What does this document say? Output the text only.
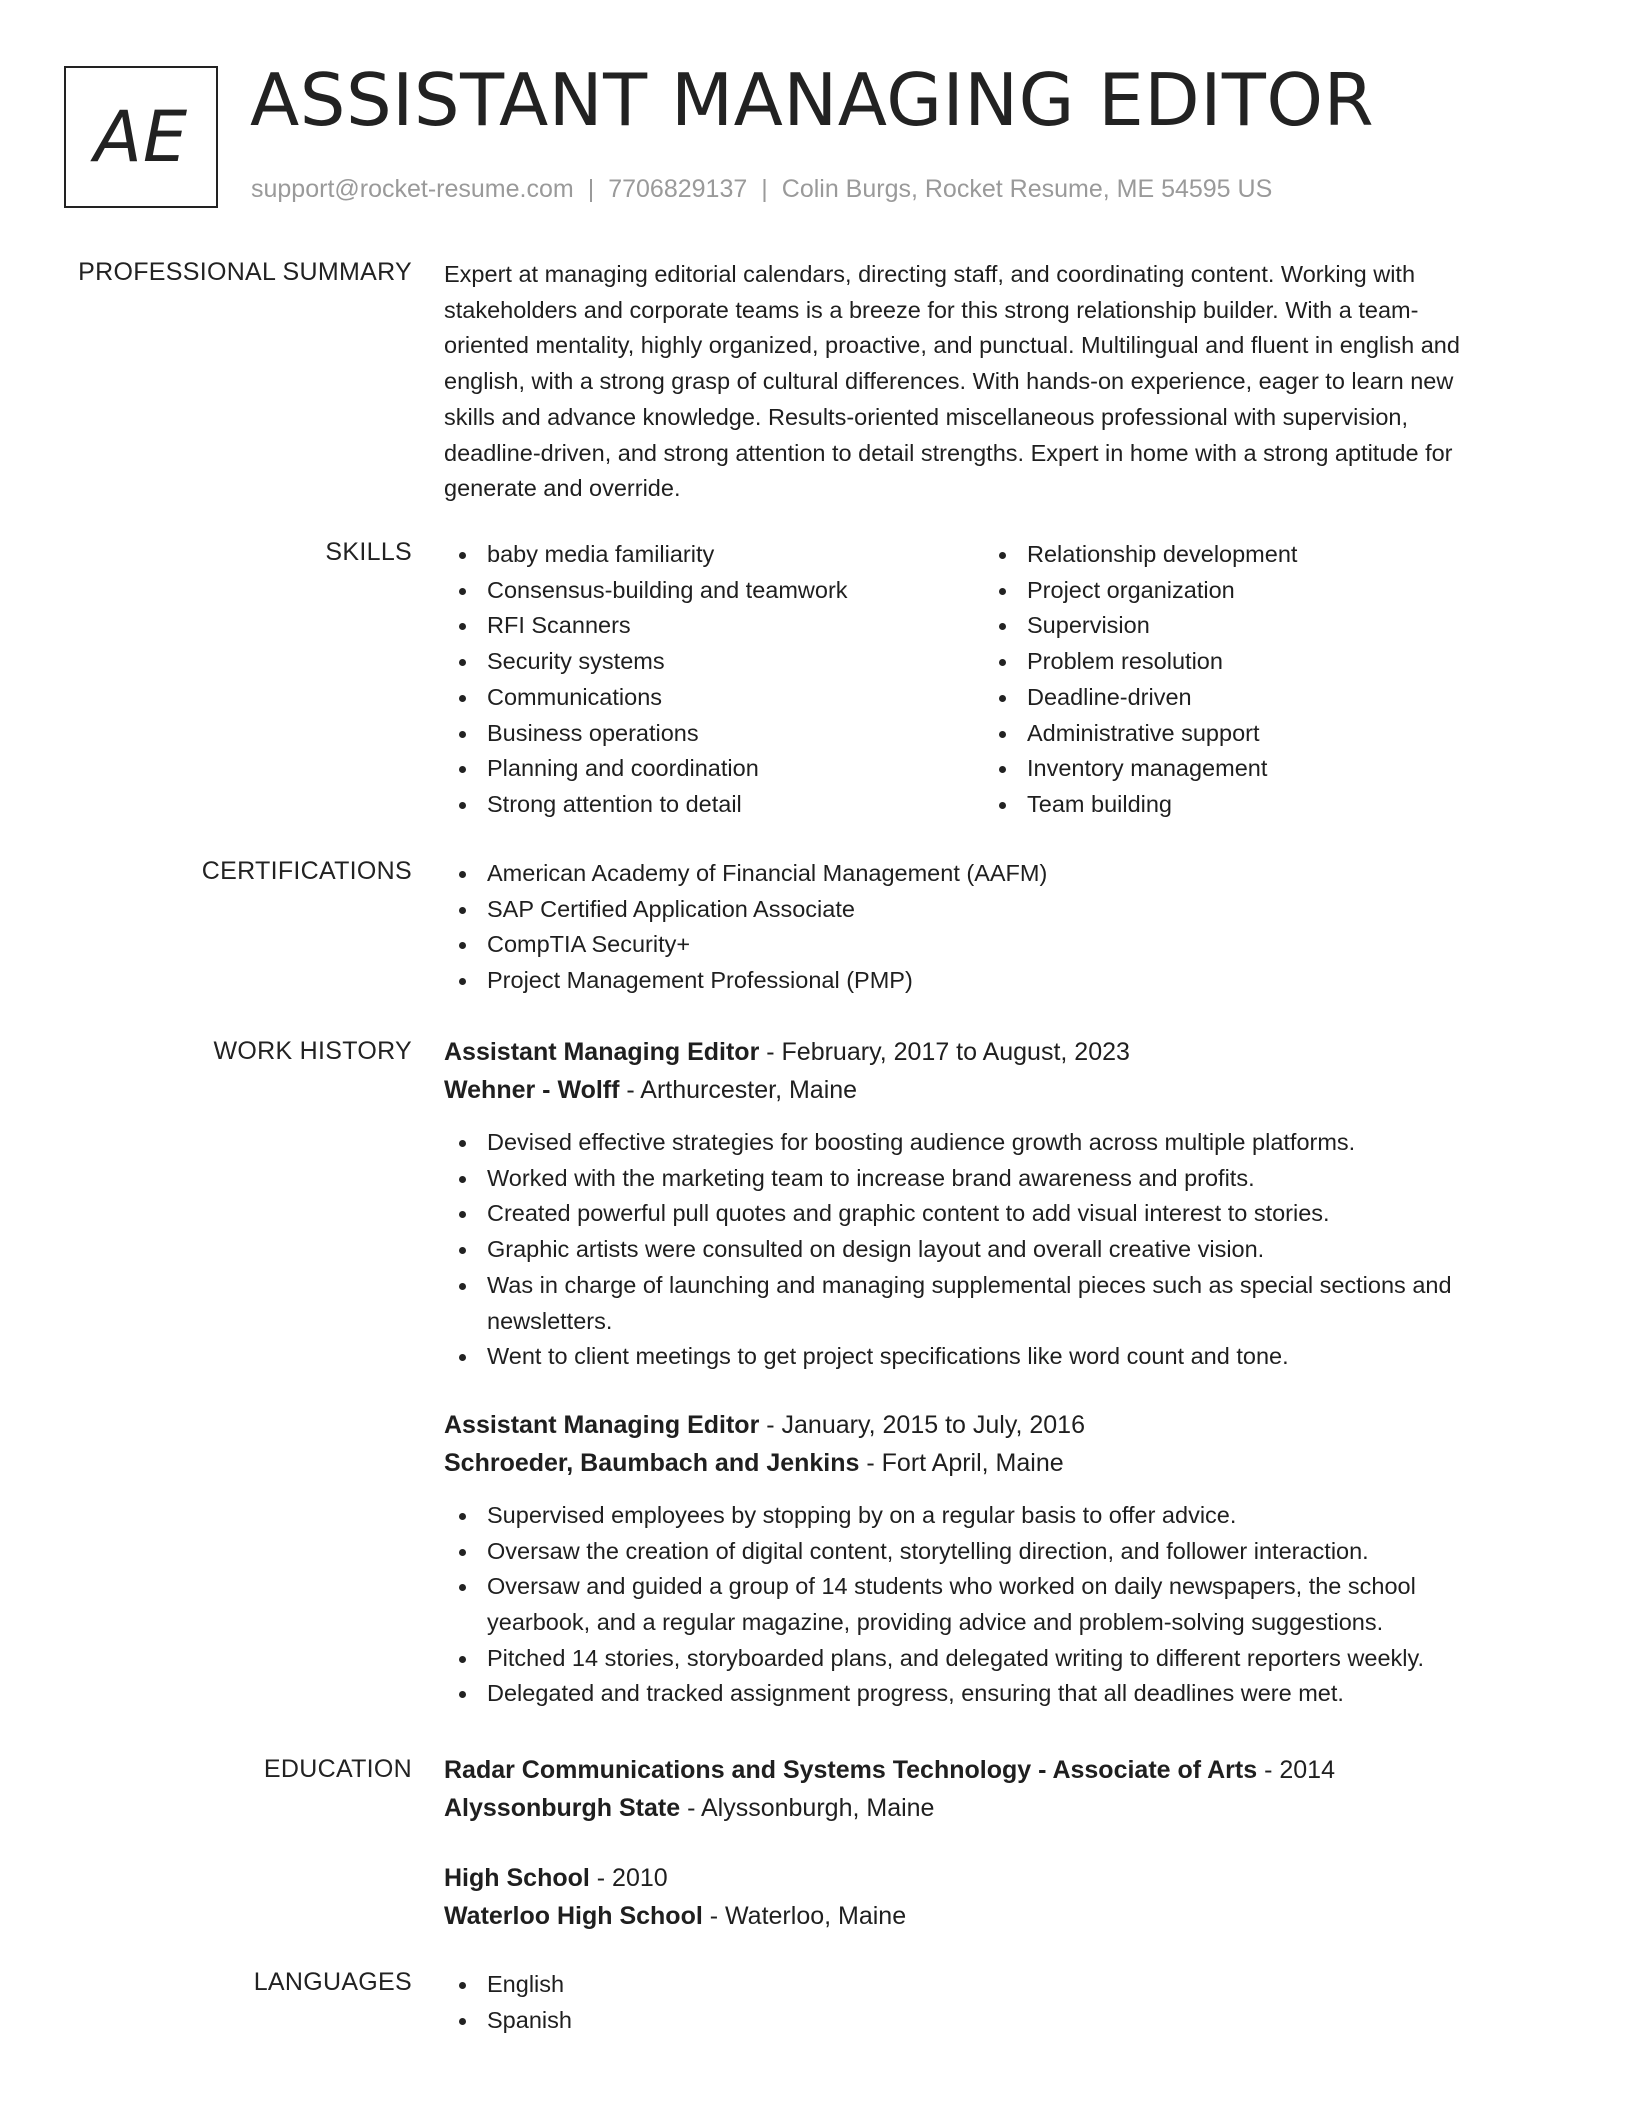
AE ASSISTANT MANAGING EDITOR
support@rocket-resume.com | 7706829137 | Colin Burgs, Rocket Resume, ME 54595 US
PROFESSIONAL SUMMARY Expert at managing editorial calendars, directing staff, and coordinating content. Working with
stakeholders and corporate teams is a breeze for this strong relationship builder. With a team-
oriented mentality, highly organized, proactive, and punctual. Multilingual and fluent in english and
english, with a strong grasp of cultural differences. With hands-on experience, eager to learn new
skills and advance knowledge. Results-oriented miscellaneous professional with supervision,
deadline-driven, and strong attention to detail strengths. Expert in home with a strong aptitude for
generate and override.
SKILLS	baby media familiarity
Consensus-building and teamwork
RFI Scanners
Security systems
Communications
Business operations
Planning and coordination
Strong attention to detail
Relationship development
Project organization
Supervision
Problem resolution
Deadline-driven
Administrative support
Inventory management
Team building
CERTIFICATIONS	American Academy of Financial Management (AAFM)
SAP Certified Application Associate
CompTIA Security+
Project Management Professional (PMP)
WORK HISTORY Assistant Managing Editor - February, 2017 to August, 2023
Wehner - Wolff - Arthurcester, Maine
Devised effective strategies for boosting audience growth across multiple platforms.
Worked with the marketing team to increase brand awareness and profits.
Created powerful pull quotes and graphic content to add visual interest to stories.
Graphic artists were consulted on design layout and overall creative vision.
Was in charge of launching and managing supplemental pieces such as special sections and newsletters.
Went to client meetings to get project specifications like word count and tone.
Assistant Managing Editor - January, 2015 to July, 2016
Schroeder, Baumbach and Jenkins - Fort April, Maine
Supervised employees by stopping by on a regular basis to offer advice.
Oversaw the creation of digital content, storytelling direction, and follower interaction.
Oversaw and guided a group of 14 students who worked on daily newspapers, the school yearbook, and a regular magazine, providing advice and problem-solving suggestions.
Pitched 14 stories, storyboarded plans, and delegated writing to different reporters weekly.
Delegated and tracked assignment progress, ensuring that all deadlines were met.
EDUCATION Radar Communications and Systems Technology - Associate of Arts - 2014
Alyssonburgh State - Alyssonburgh, Maine
High School - 2010
Waterloo High School - Waterloo, Maine
LANGUAGES	English
Spanish
